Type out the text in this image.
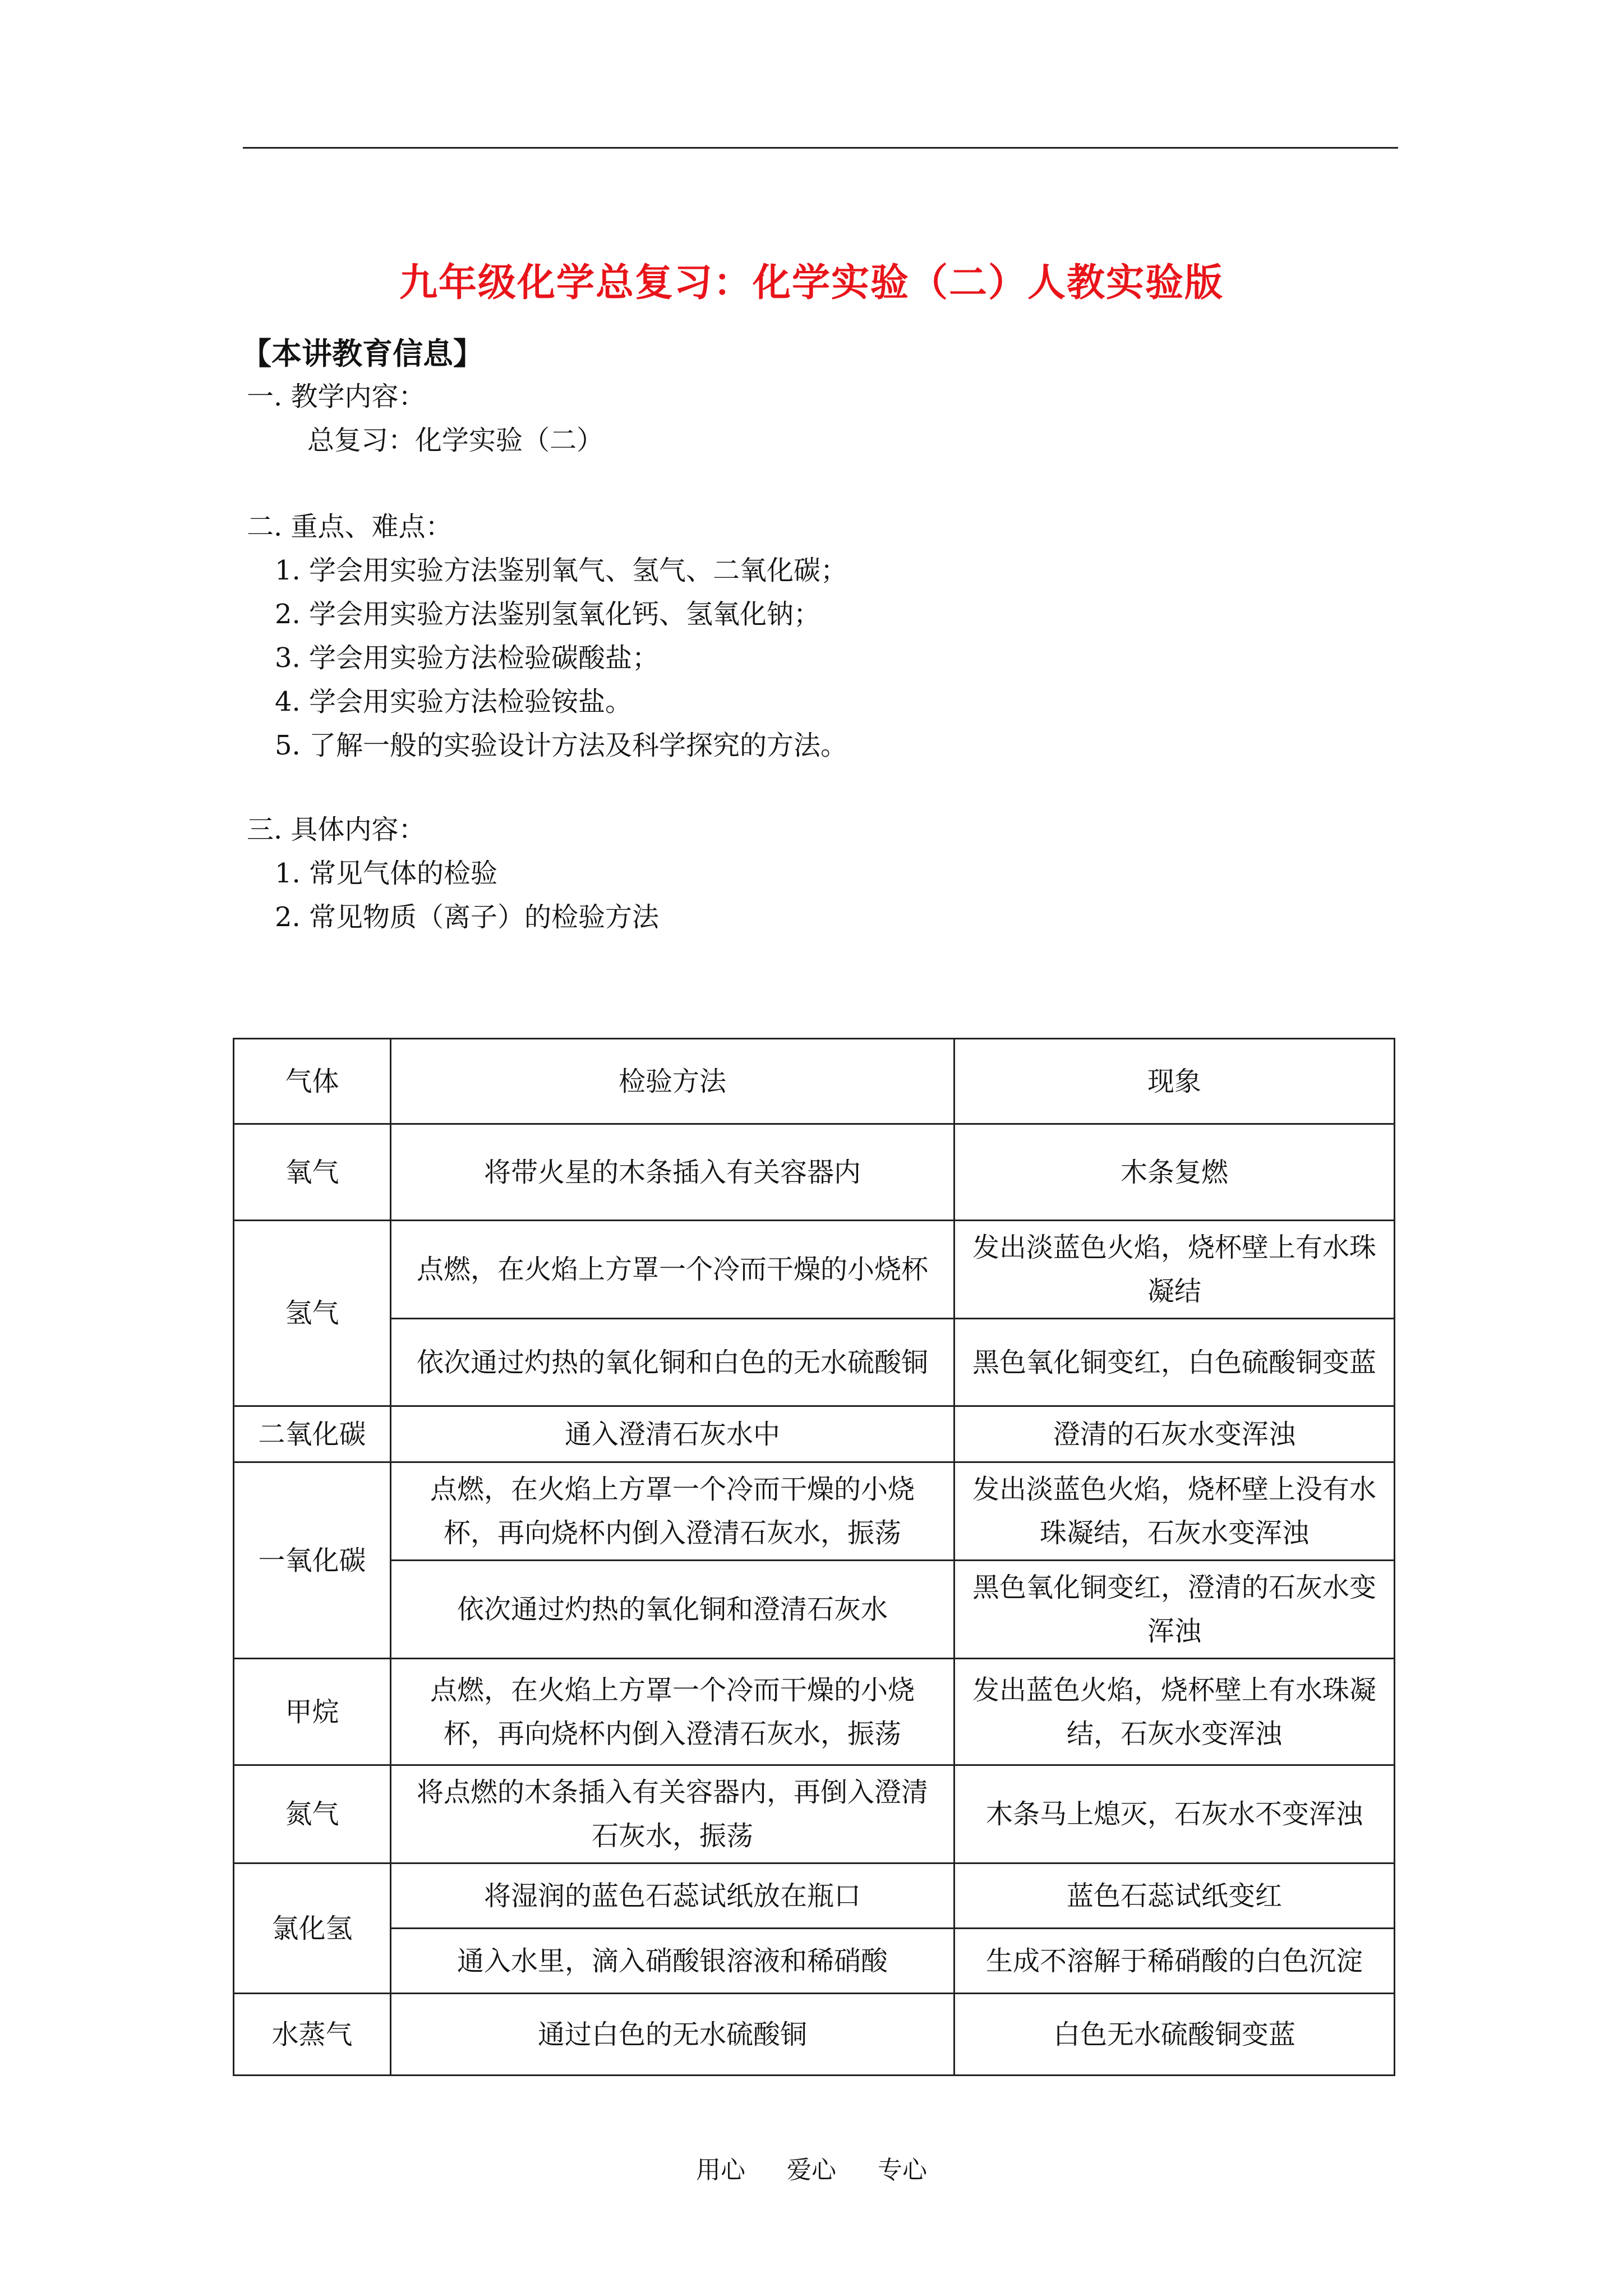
九年级化学总复习：化学实验（二）人教实验版
【本讲教育信息】
一. 教学内容：
总复习：化学实验（二）
二. 重点、难点：
1. 学会用实验方法鉴别氧气、氢气、二氧化碳；
2. 学会用实验方法鉴别氢氧化钙、氢氧化钠；
3. 学会用实验方法检验碳酸盐；
4. 学会用实验方法检验铵盐。
5. 了解一般的实验设计方法及科学探究的方法。
三. 具体内容：
1. 常见气体的检验
2. 常见物质（离子）的检验方法
气体	检验方法	现象
氧气	将带火星的木条插入有关容器内	木条复燃
氢气	点燃，在火焰上方罩一个冷而干燥的小烧杯	发出淡蓝色火焰，烧杯壁上有水珠凝结
	依次通过灼热的氧化铜和白色的无水硫酸铜	黑色氧化铜变红，白色硫酸铜变蓝
二氧化碳	通入澄清石灰水中	澄清的石灰水变浑浊
一氧化碳	点燃，在火焰上方罩一个冷而干燥的小烧杯，再向烧杯内倒入澄清石灰水，振荡	发出淡蓝色火焰，烧杯壁上没有水珠凝结，石灰水变浑浊
	依次通过灼热的氧化铜和澄清石灰水	黑色氧化铜变红，澄清的石灰水变浑浊
甲烷	点燃，在火焰上方罩一个冷而干燥的小烧杯，再向烧杯内倒入澄清石灰水，振荡	发出蓝色火焰，烧杯壁上有水珠凝结，石灰水变浑浊
氮气	将点燃的木条插入有关容器内，再倒入澄清石灰水，振荡	木条马上熄灭，石灰水不变浑浊
氯化氢	将湿润的蓝色石蕊试纸放在瓶口	蓝色石蕊试纸变红
	通入水里，滴入硝酸银溶液和稀硝酸	生成不溶解于稀硝酸的白色沉淀
水蒸气	通过白色的无水硫酸铜	白色无水硫酸铜变蓝
用心 爱心 专心
